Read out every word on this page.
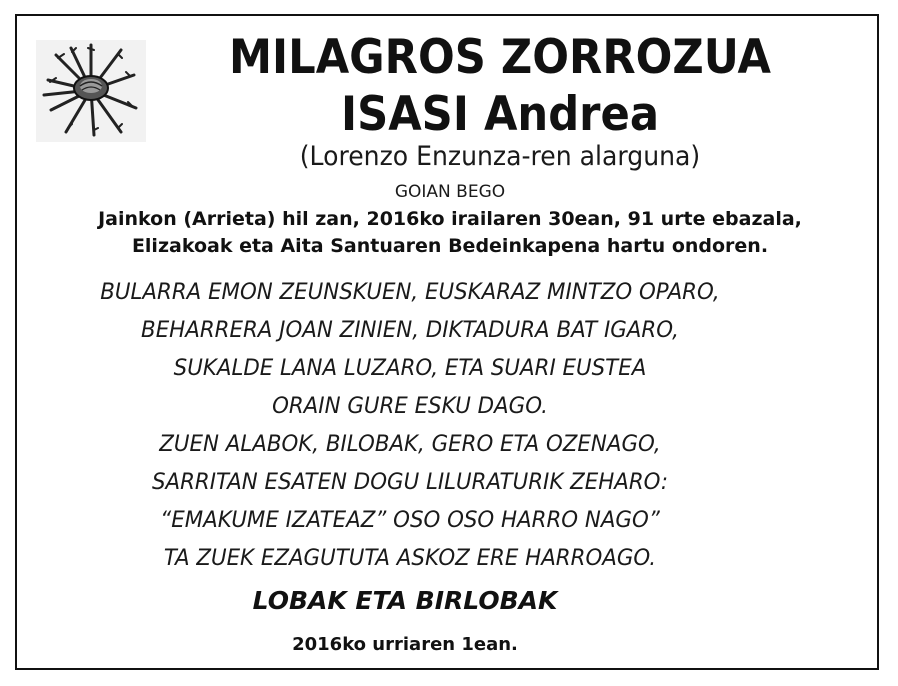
MILAGROS ZORROZUA
ISASI Andrea
(Lorenzo Enzunza-ren alarguna)
GOIAN BEGO
Jainkon (Arrieta) hil zan, 2016ko irailaren 30ean, 91 urte ebazala,
Elizakoak eta Aita Santuaren Bedeinkapena hartu ondoren.
BULARRA EMON ZEUNSKUEN, EUSKARAZ MINTZO OPARO,
BEHARRERA JOAN ZINIEN, DIKTADURA BAT IGARO,
SUKALDE LANA LUZARO, ETA SUARI EUSTEA
ORAIN GURE ESKU DAGO.
ZUEN ALABOK, BILOBAK, GERO ETA OZENAGO,
SARRITAN ESATEN DOGU LILURATURIK ZEHARO:
“EMAKUME IZATEAZ” OSO OSO HARRO NAGO”
TA ZUEK EZAGUTUTA ASKOZ ERE HARROAGO.
LOBAK ETA BIRLOBAK
2016ko urriaren 1ean.
